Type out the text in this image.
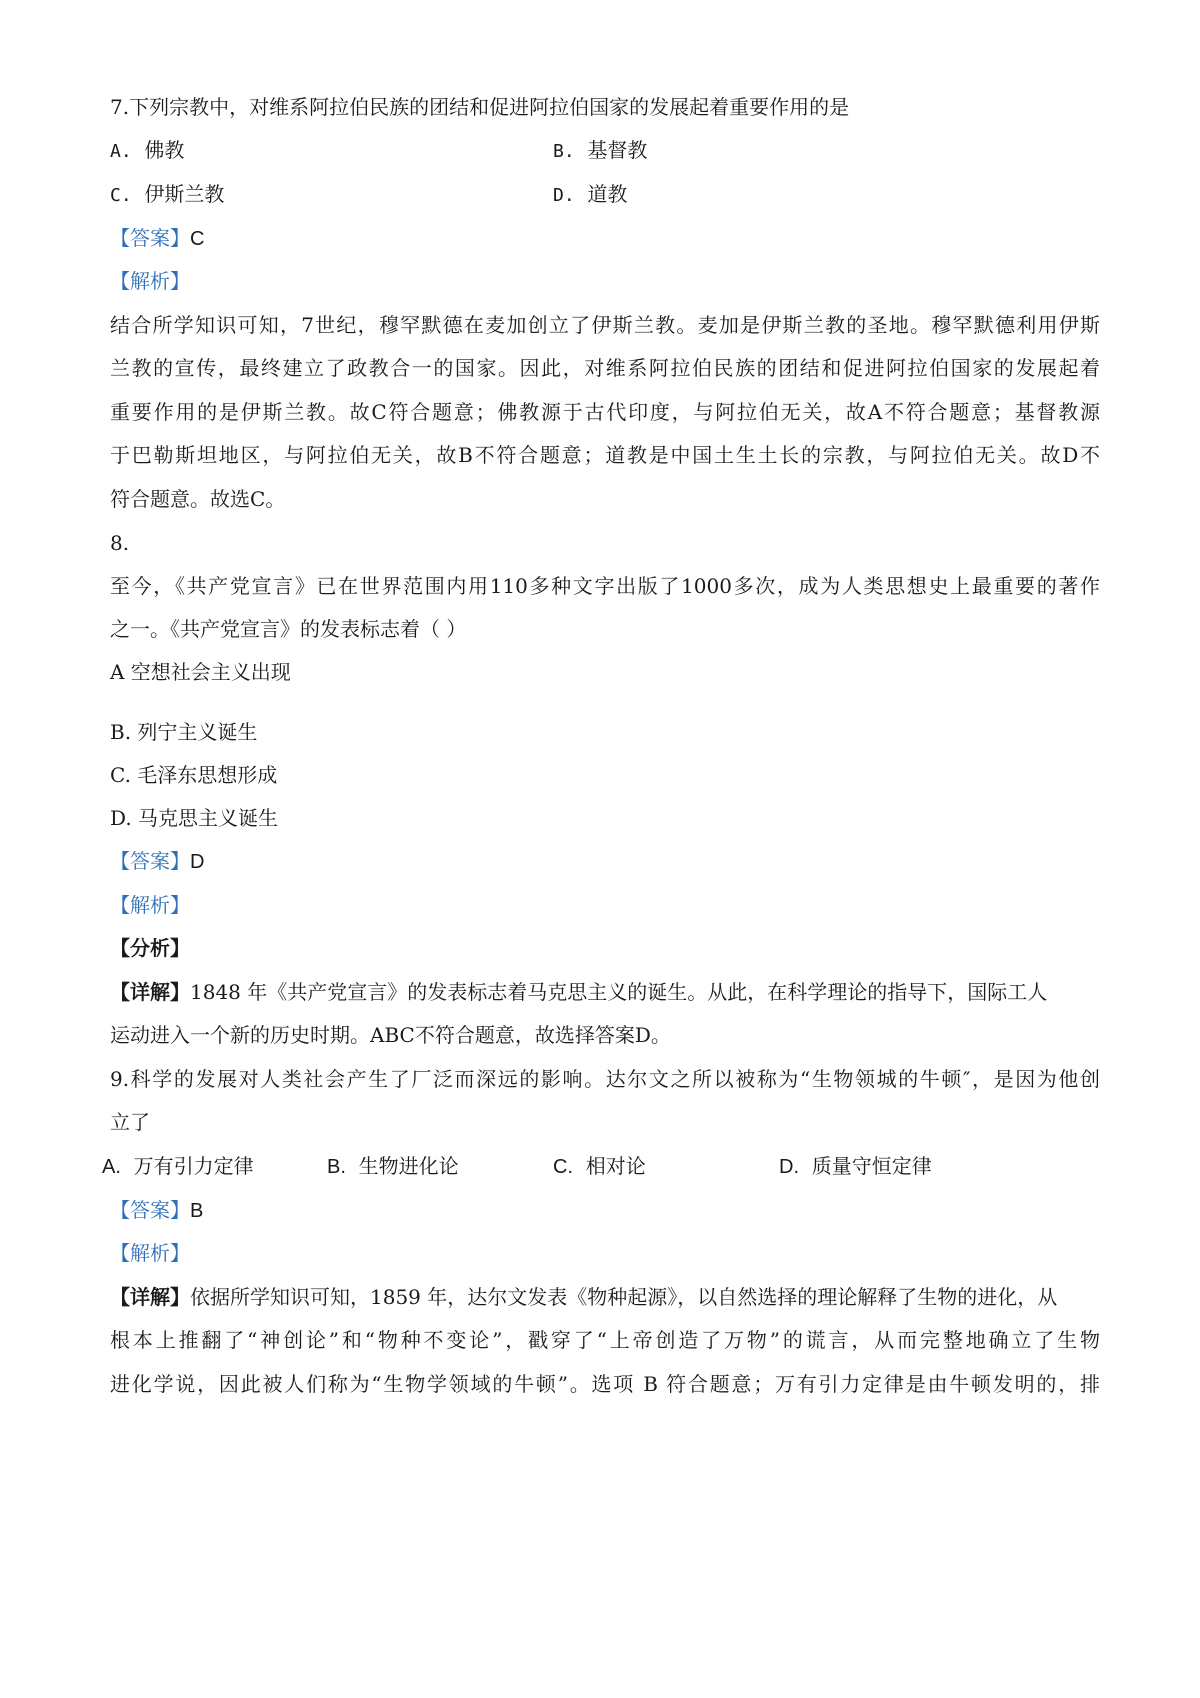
7.下列宗教中，对维系阿拉伯民族的团结和促进阿拉伯国家的发展起着重要作用的是
A. 佛教	B. 基督教
C. 伊斯兰教	D. 道教
【答案】C
【解析】
结合所学知识可知，7世纪，穆罕默德在麦加创立了伊斯兰教。麦加是伊斯兰教的圣地。穆罕默德利用伊斯
兰教的宣传，最终建立了政教合一的国家。因此，对维系阿拉伯民族的团结和促进阿拉伯国家的发展起着
重要作用的是伊斯兰教。故C符合题意；佛教源于古代印度，与阿拉伯无关，故A不符合题意；基督教源
于巴勒斯坦地区，与阿拉伯无关，故B不符合题意；道教是中国土生土长的宗教，与阿拉伯无关。故D不
符合题意。故选C。
8.
至今，《共产党宣言》已在世界范围内用110多种文字出版了1000多次，成为人类思想史上最重要的著作
之一。《共产党宣言》的发表标志着（ ）
A 空想社会主义出现
B. 列宁主义诞生
C. 毛泽东思想形成
D. 马克思主义诞生
【答案】D
【解析】
【分析】
【详解】1848 年《共产党宣言》的发表标志着马克思主义的诞生。从此，在科学理论的指导下，国际工人
运动进入一个新的历史时期。ABC不符合题意，故选择答案D。
9.科学的发展对人类社会产生了厂泛而深远的影响。达尔文之所以被称为“生物领城的牛顿″，是因为他创
立了
A. 万有引力定律	B. 生物进化论	C. 相对论	D. 质量守恒定律
【答案】B
【解析】
【详解】依据所学知识可知，1859 年，达尔文发表《物种起源》，以自然选择的理论解释了生物的进化，从
根本上推翻了“神创论”和“物种不变论”，戳穿了“上帝创造了万物”的谎言，从而完整地确立了生物
进化学说，因此被人们称为“生物学领域的牛顿”。选项 B 符合题意；万有引力定律是由牛顿发明的，排
